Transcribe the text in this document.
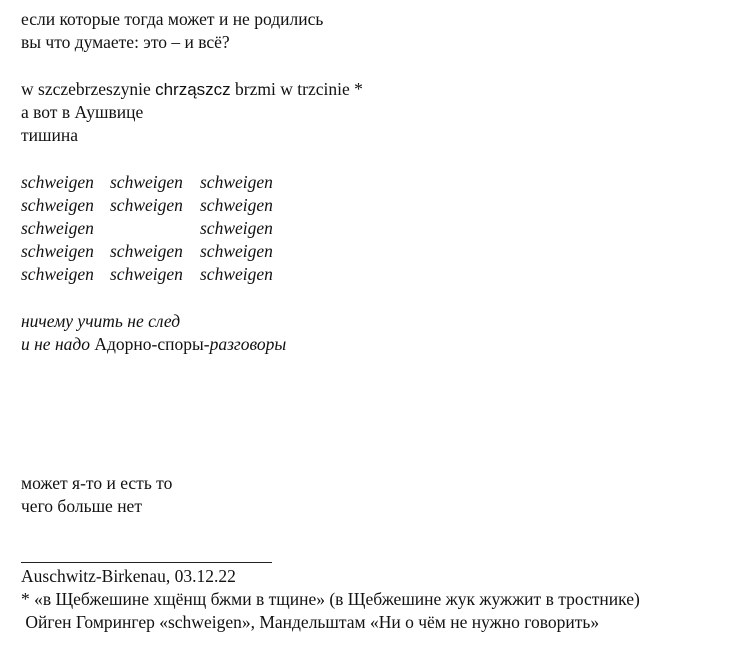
если которые тогда может и не родились
вы что думаете: это – и всё?
w szczebrzeszynie chrząszcz brzmi w trzcinie *
а вот в Аушвице
тишина
schweigen schweigen schweigen
schweigen schweigen schweigen
schweigen	schweigen
schweigen schweigen schweigen
schweigen schweigen schweigen
ничему учить не след
и не надо Адорно-споры-разговоры
может я-то и есть то
чего больше нет
Auschwitz-Birkenau, 03.12.22
* «в Щебжешине хщёнщ бжми в тщине» (в Щебжешине жук жужжит в тростнике)
Ойген Гомрингер «schweigen», Мандельштам «Ни о чём не нужно говорить»
